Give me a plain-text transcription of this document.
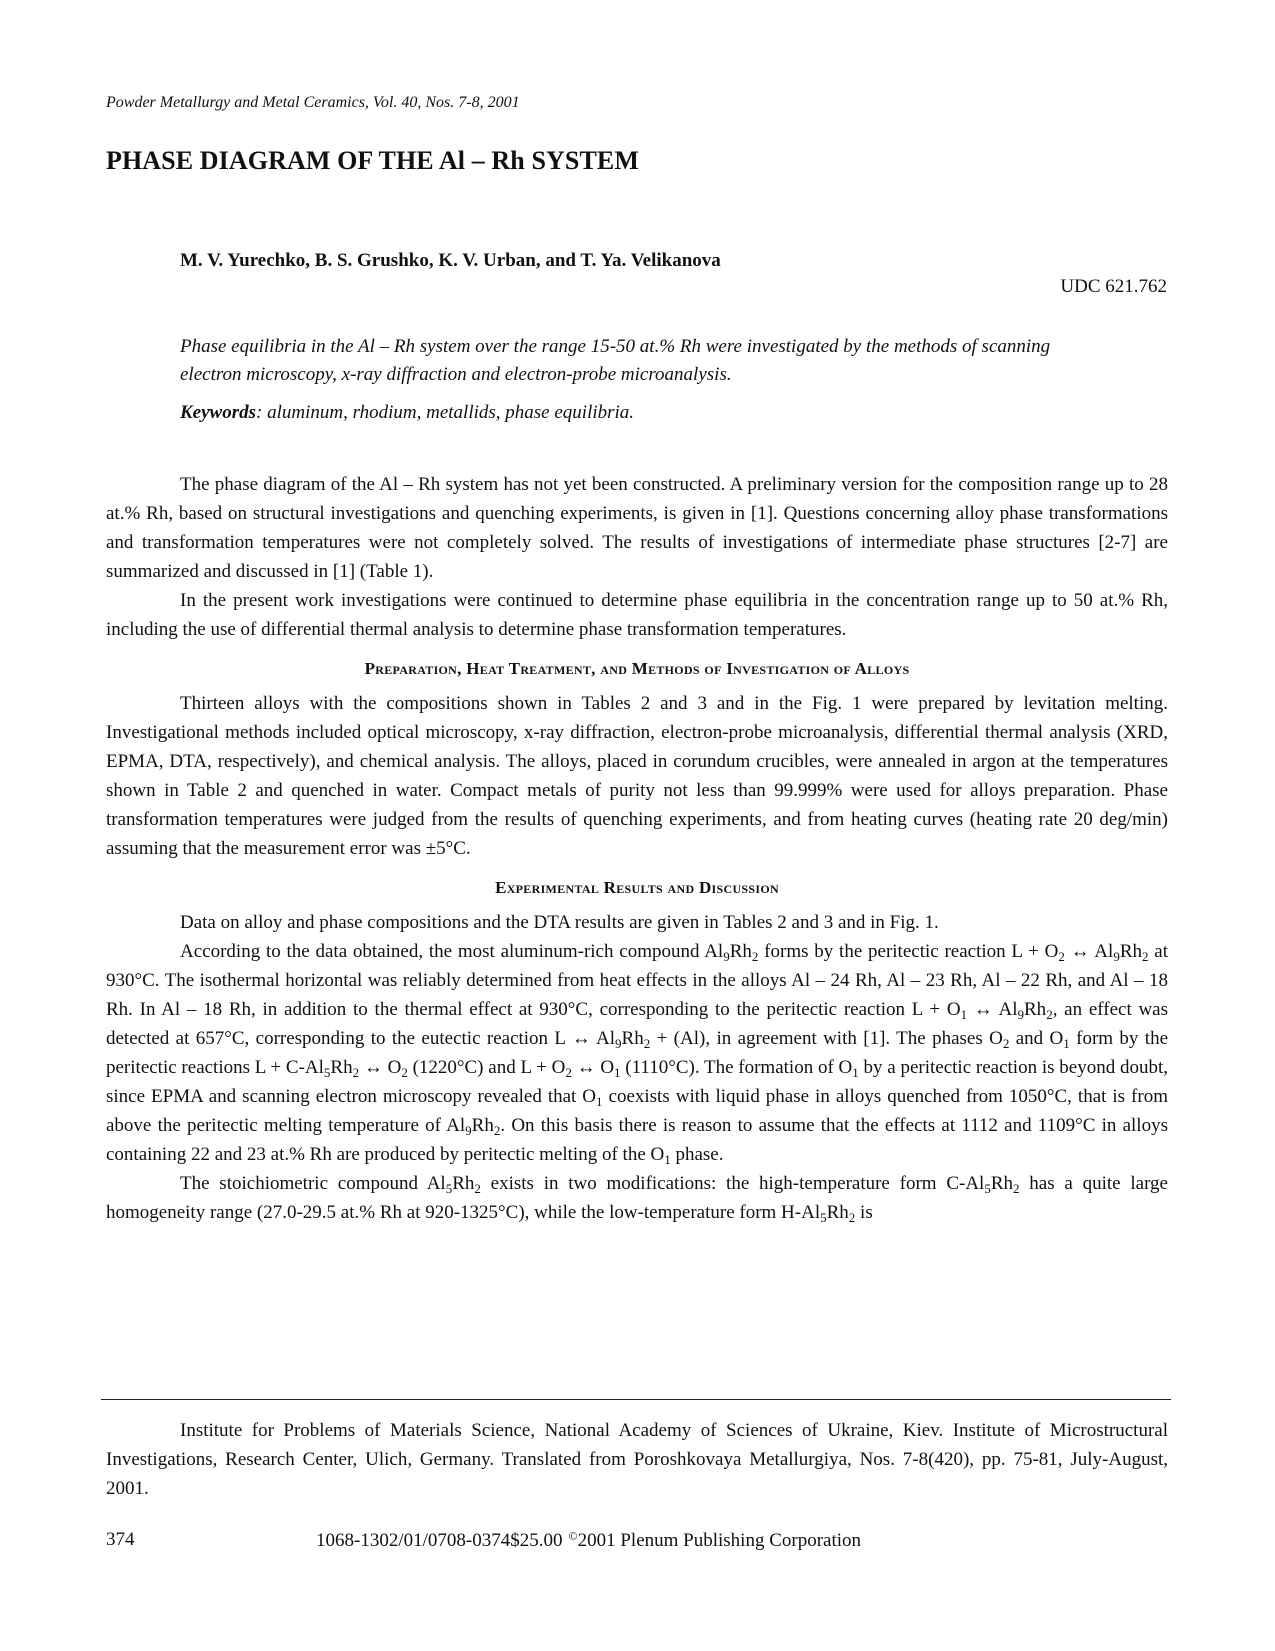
Powder Metallurgy and Metal Ceramics, Vol. 40, Nos. 7-8, 2001
PHASE DIAGRAM OF THE Al – Rh SYSTEM
M. V. Yurechko, B. S. Grushko, K. V. Urban, and T. Ya. Velikanova
UDC 621.762

Phase equilibria in the Al – Rh system over the range 15-50 at.% Rh were investigated by the methods of scanning electron microscopy, x-ray diffraction and electron-probe microanalysis.

Keywords: aluminum, rhodium, metallids, phase equilibria.

The phase diagram of the Al – Rh system has not yet been constructed. A preliminary version for the composition range up to 28 at.% Rh, based on structural investigations and quenching experiments, is given in [1]. Questions concerning alloy phase transformations and transformation temperatures were not completely solved. The results of investigations of intermediate phase structures [2-7] are summarized and discussed in [1] (Table 1).

In the present work investigations were continued to determine phase equilibria in the concentration range up to 50 at.% Rh, including the use of differential thermal analysis to determine phase transformation temperatures.

Preparation, Heat Treatment, and Methods of Investigation of Alloys

Thirteen alloys with the compositions shown in Tables 2 and 3 and in the Fig. 1 were prepared by levitation melting. Investigational methods included optical microscopy, x-ray diffraction, electron-probe microanalysis, differential thermal analysis (XRD, EPMA, DTA, respectively), and chemical analysis. The alloys, placed in corundum crucibles, were annealed in argon at the temperatures shown in Table 2 and quenched in water. Compact metals of purity not less than 99.999% were used for alloys preparation. Phase transformation temperatures were judged from the results of quenching experiments, and from heating curves (heating rate 20 deg/min) assuming that the measurement error was ±5°C.

Experimental Results and Discussion

Data on alloy and phase compositions and the DTA results are given in Tables 2 and 3 and in Fig. 1.

According to the data obtained, the most aluminum-rich compound $Al_9Rh_2$ forms by the peritectic reaction $L + O_2$ ↔ $Al_9Rh_2$ at 930°C. The isothermal horizontal was reliably determined from heat effects in the alloys Al – 24 Rh, Al – 23 Rh, Al – 22 Rh, and Al – 18 Rh. In Al – 18 Rh, in addition to the thermal effect at 930°C, corresponding to the peritectic reaction $L + O_1$ ↔ $Al_9Rh_2$, an effect was detected at 657°C, corresponding to the eutectic reaction L ↔ $Al_9Rh_2 + (Al)$, in agreement with [1]. The phases $O_2$ and $O_1$ form by the peritectic reactions $L + C-Al_5Rh_2$ ↔ $O_2$ (1220°C) and $L + O_2$ ↔ $O_1$ (1110°C). The formation of $O_1$ by a peritectic reaction is beyond doubt, since EPMA and scanning electron microscopy revealed that $O_1$ coexists with liquid phase in alloys quenched from 1050°C, that is from above the peritectic melting temperature of $Al_9Rh_2$. On this basis there is reason to assume that the effects at 1112 and 1109°C in alloys containing 22 and 23 at.% Rh are produced by peritectic melting of the $O_1$ phase.

The stoichiometric compound $Al_5Rh_2$ exists in two modifications: the high-temperature form $C-Al_5Rh_2$ has a quite large homogeneity range (27.0-29.5 at.% Rh at 920-1325°C), while the low-temperature form $H-Al_5Rh_2$ is

Institute for Problems of Materials Science, National Academy of Sciences of Ukraine, Kiev. Institute of Microstructural Investigations, Research Center, Ulich, Germany. Translated from Poroshkovaya Metallurgiya, Nos. 7-8(420), pp. 75-81, July-August, 2001.

374	1068-1302/01/0708-0374$25.00 ©2001 Plenum Publishing Corporation
